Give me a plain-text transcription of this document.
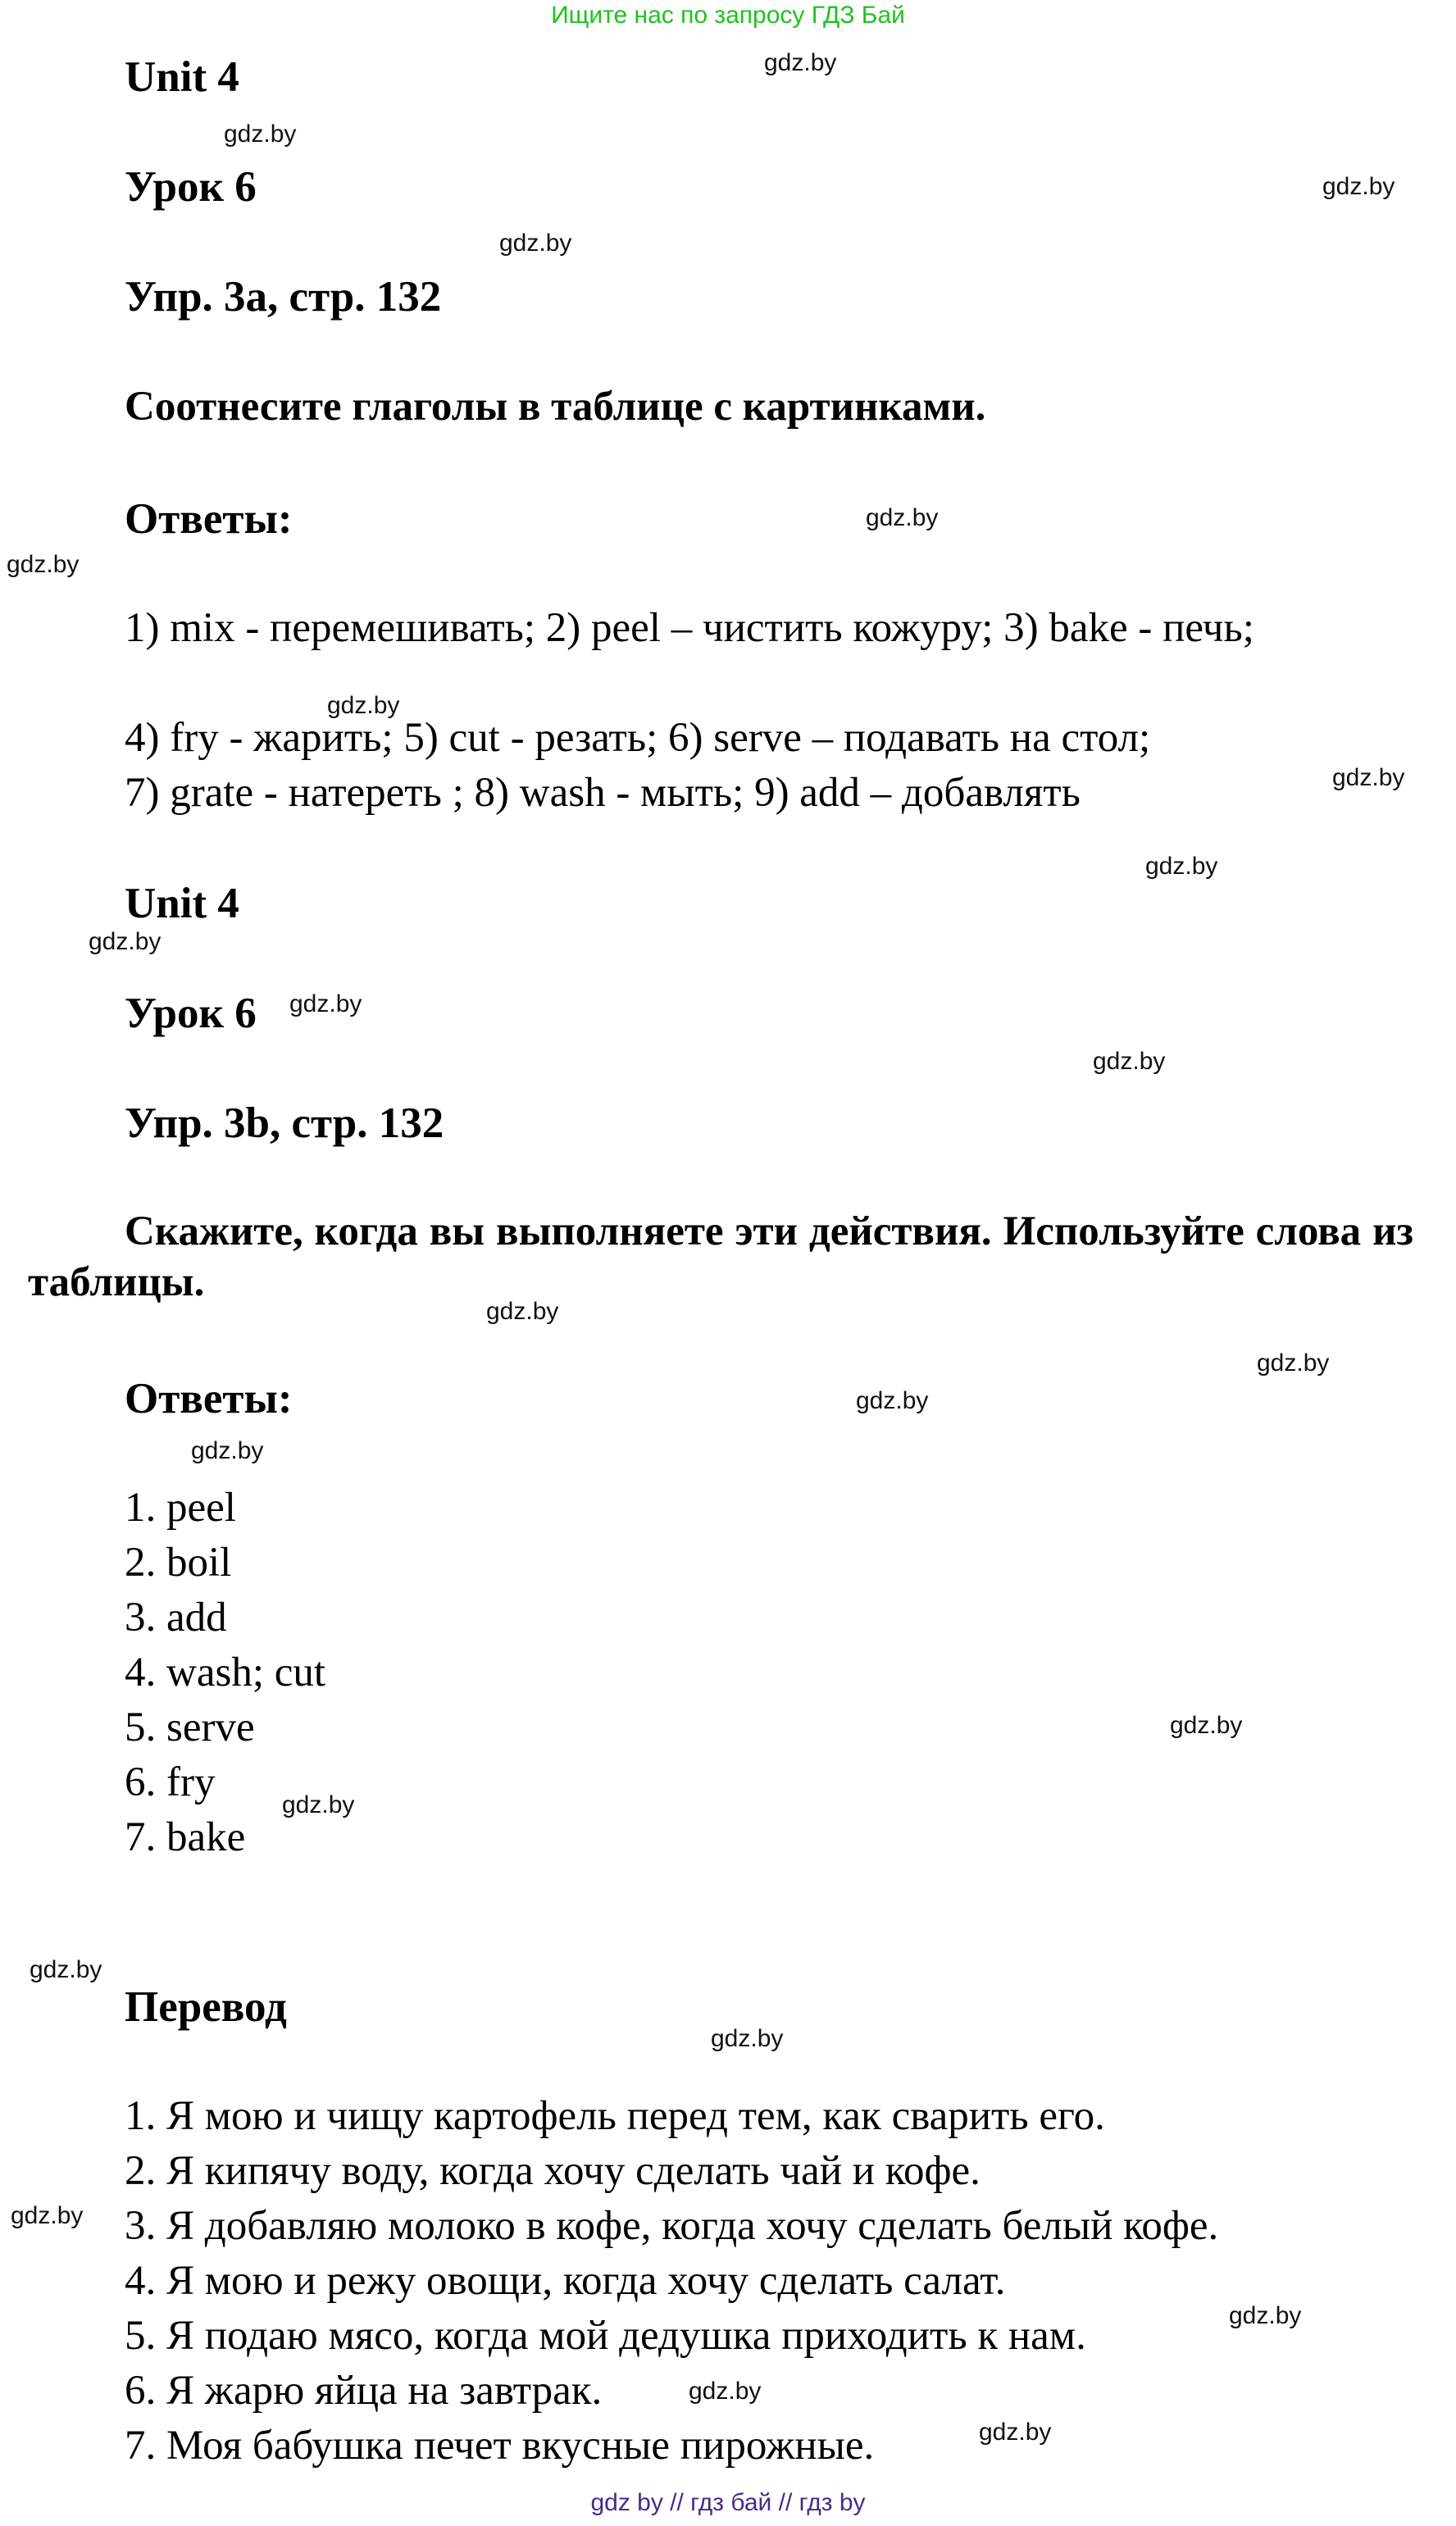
Ищите нас по запросу ГДЗ Бай
Unit 4
Урок 6
Упр. 3a, стр. 132
Соотнесите глаголы в таблице с картинками.
Ответы:
1) mix - перемешивать; 2) peel – чистить кожуру; 3) bake - печь;
4) fry - жарить; 5) cut - резать; 6) serve – подавать на стол;
7) grate - натереть ; 8) wash - мыть; 9) add – добавлять
Unit 4
Урок 6
Упр. 3b, стр. 132
Скажите, когда вы выполняете эти действия. Используйте слова из таблицы.
Ответы:
1. peel
2. boil
3. add
4. wash; cut
5. serve
6. fry
7. bake
Перевод
1. Я мою и чищу картофель перед тем, как сварить его.
2. Я кипячу воду, когда хочу сделать чай и кофе.
3. Я добавляю молоко в кофе, когда хочу сделать белый кофе.
4. Я мою и режу овощи, когда хочу сделать салат.
5. Я подаю мясо, когда мой дедушка приходить к нам.
6. Я жарю яйца на завтрак.
7. Моя бабушка печет вкусные пирожные.
gdz.by
gdz.by
gdz.by
gdz.by
gdz.by
gdz.by
gdz.by
gdz.by
gdz.by
gdz.by
gdz.by
gdz.by
gdz.by
gdz.by
gdz.by
gdz.by
gdz.by
gdz.by
gdz.by
gdz.by
gdz.by
gdz.by
gdz.by
gdz.by
gdz by // гдз бай // гдз by
